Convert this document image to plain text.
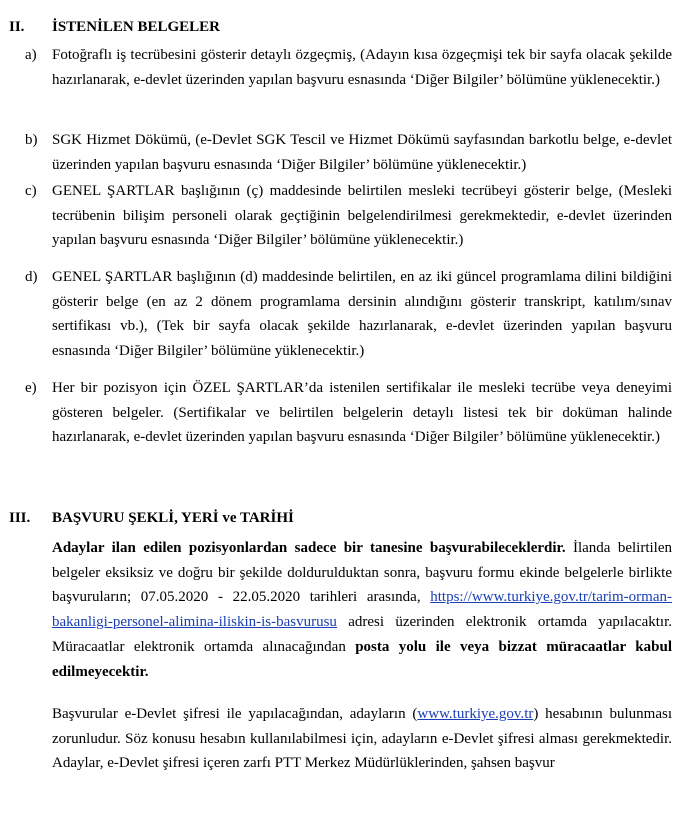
II. İSTENİLEN BELGELER
a) Fotoğraflı iş tecrübesini gösterir detaylı özgeçmiş, (Adayın kısa özgeçmişi tek bir sayfa olacak şekilde hazırlanarak, e-devlet üzerinden yapılan başvuru esnasında ‘Diğer Bilgiler’ bölümüne yüklenecektir.)
b) SGK Hizmet Dökümü, (e-Devlet SGK Tescil ve Hizmet Dökümü sayfasından barkotlu belge, e-devlet üzerinden yapılan başvuru esnasında ‘Diğer Bilgiler’ bölümüne yüklenecektir.)
c) GENEL ŞARTLAR başlığının (ç) maddesinde belirtilen mesleki tecrübeyi gösterir belge, (Mesleki tecrübenin bilişim personeli olarak geçtiğinin belgelendirilmesi gerekmektedir, e-devlet üzerinden yapılan başvuru esnasında ‘Diğer Bilgiler’ bölümüne yüklenecektir.)
d) GENEL ŞARTLAR başlığının (d) maddesinde belirtilen, en az iki güncel programlama dilini bildiğini gösterir belge (en az 2 dönem programlama dersinin alındığını gösterir transkript, katılım/sınav sertifikası vb.), (Tek bir sayfa olacak şekilde hazırlanarak, e-devlet üzerinden yapılan başvuru esnasında ‘Diğer Bilgiler’ bölümüne yüklenecektir.)
e) Her bir pozisyon için ÖZEL ŞARTLAR’da istenilen sertifikalar ile mesleki tecrübe veya deneyimi gösteren belgeler. (Sertifikalar ve belirtilen belgelerin detaylı listesi tek bir doküman halinde hazırlanarak, e-devlet üzerinden yapılan başvuru esnasında ‘Diğer Bilgiler’ bölümüne yüklenecektir.)
III. BAŞVURU ŞEKLİ, YERİ ve TARİHİ
Adaylar ilan edilen pozisyonlardan sadece bir tanesine başvurabileceklerdir. İlanda belirtilen belgeler eksiksiz ve doğru bir şekilde doldurulduktan sonra, başvuru formu ekinde belgelerle birlikte başvuruların; 07.05.2020 - 22.05.2020 tarihleri arasında, https://www.turkiye.gov.tr/tarim-orman-bakanligi-personel-alimina-iliskin-is-basvurusu adresi üzerinden elektronik ortamda yapılacaktır. Müracaatlar elektronik ortamda alınacağından posta yolu ile veya bizzat müracaatlar kabul edilmeyecektir.
Başvurular e-Devlet şifresi ile yapılacağından, adayların (www.turkiye.gov.tr) hesabının bulunması zorunludur. Söz konusu hesabın kullanılabilmesi için, adayların e-Devlet şifresi alması gerekmektedir. Adaylar, e-Devlet şifresi içeren zarfı PTT Merkez Müdürlüklerinden, şahsen başvur
